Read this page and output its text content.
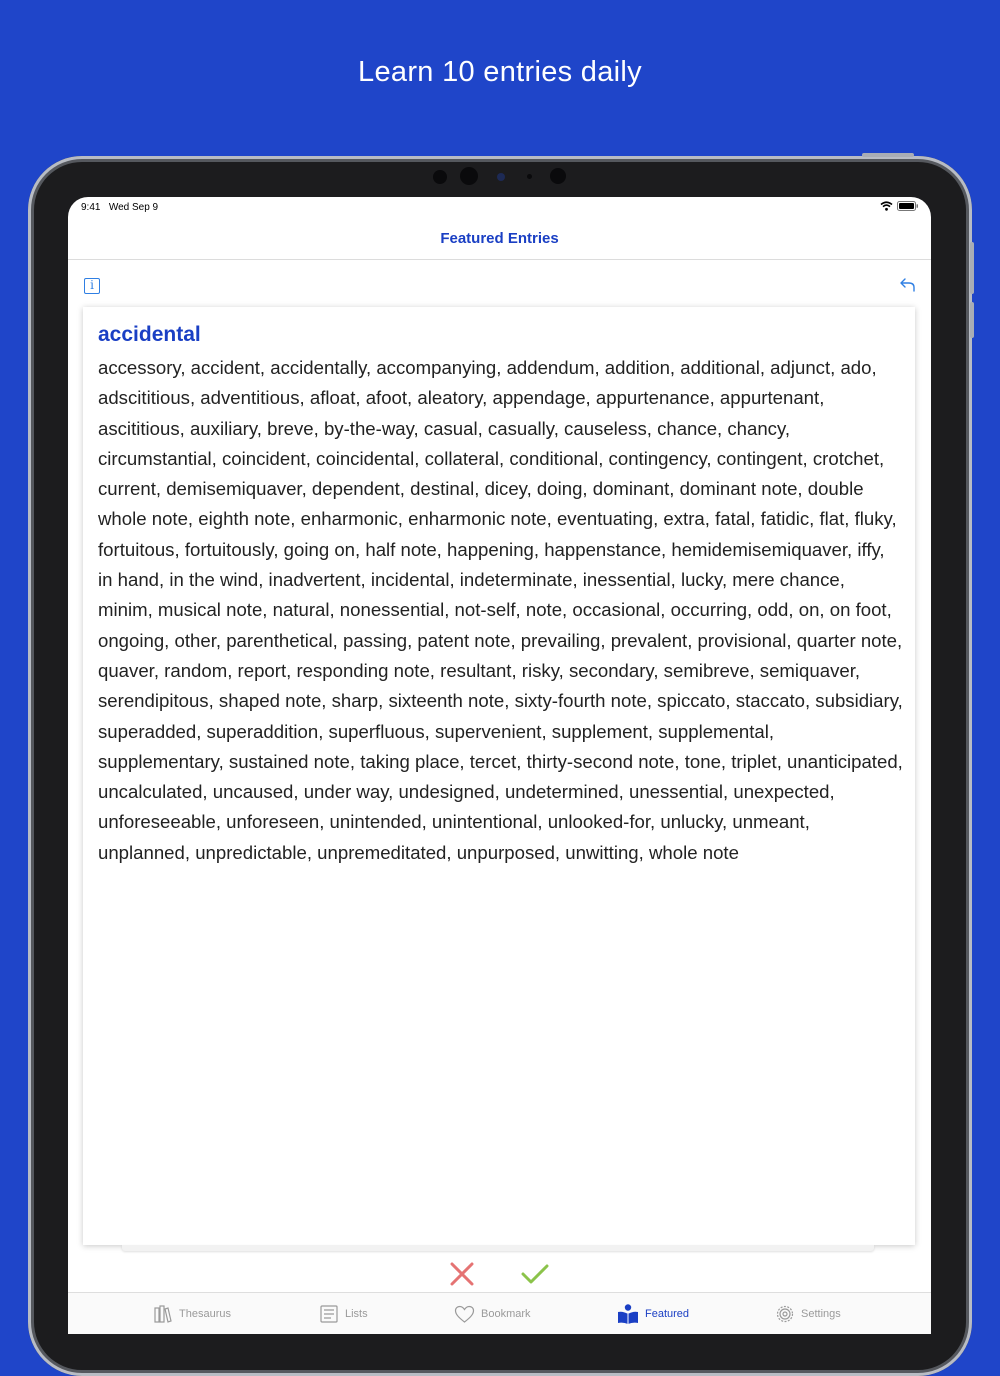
Learn 10 entries daily
9:41 Wed Sep 9
Featured Entries
i
accidental
accessory, accident, accidentally, accompanying, addendum, addition, additional, adjunct, ado, adscititious, adventitious, afloat, afoot, aleatory, appendage, appurtenance, appurtenant, ascititious, auxiliary, breve, by-the-way, casual, casually, causeless, chance, chancy, circumstantial, coincident, coincidental, collateral, conditional, contingency, contingent, crotchet, current, demisemiquaver, dependent, destinal, dicey, doing, dominant, dominant note, double whole note, eighth note, enharmonic, enharmonic note, eventuating, extra, fatal, fatidic, flat, fluky, fortuitous, fortuitously, going on, half note, happening, happenstance, hemidemisemiquaver, iffy, in hand, in the wind, inadvertent, incidental, indeterminate, inessential, lucky, mere chance, minim, musical note, natural, nonessential, not-self, note, occasional, occurring, odd, on, on foot, ongoing, other, parenthetical, passing, patent note, prevailing, prevalent, provisional, quarter note, quaver, random, report, responding note, resultant, risky, secondary, semibreve, semiquaver, serendipitous, shaped note, sharp, sixteenth note, sixty-fourth note, spiccato, staccato, subsidiary, superadded, superaddition, superfluous, supervenient, supplement, supplemental, supplementary, sustained note, taking place, tercet, thirty-second note, tone, triplet, unanticipated, uncalculated, uncaused, under way, undesigned, undetermined, unessential, unexpected, unforeseeable, unforeseen, unintended, unintentional, unlooked-for, unlucky, unmeant, unplanned, unpredictable, unpremeditated, unpurposed, unwitting, whole note
Thesaurus	Lists	Bookmark	Featured	Settings
